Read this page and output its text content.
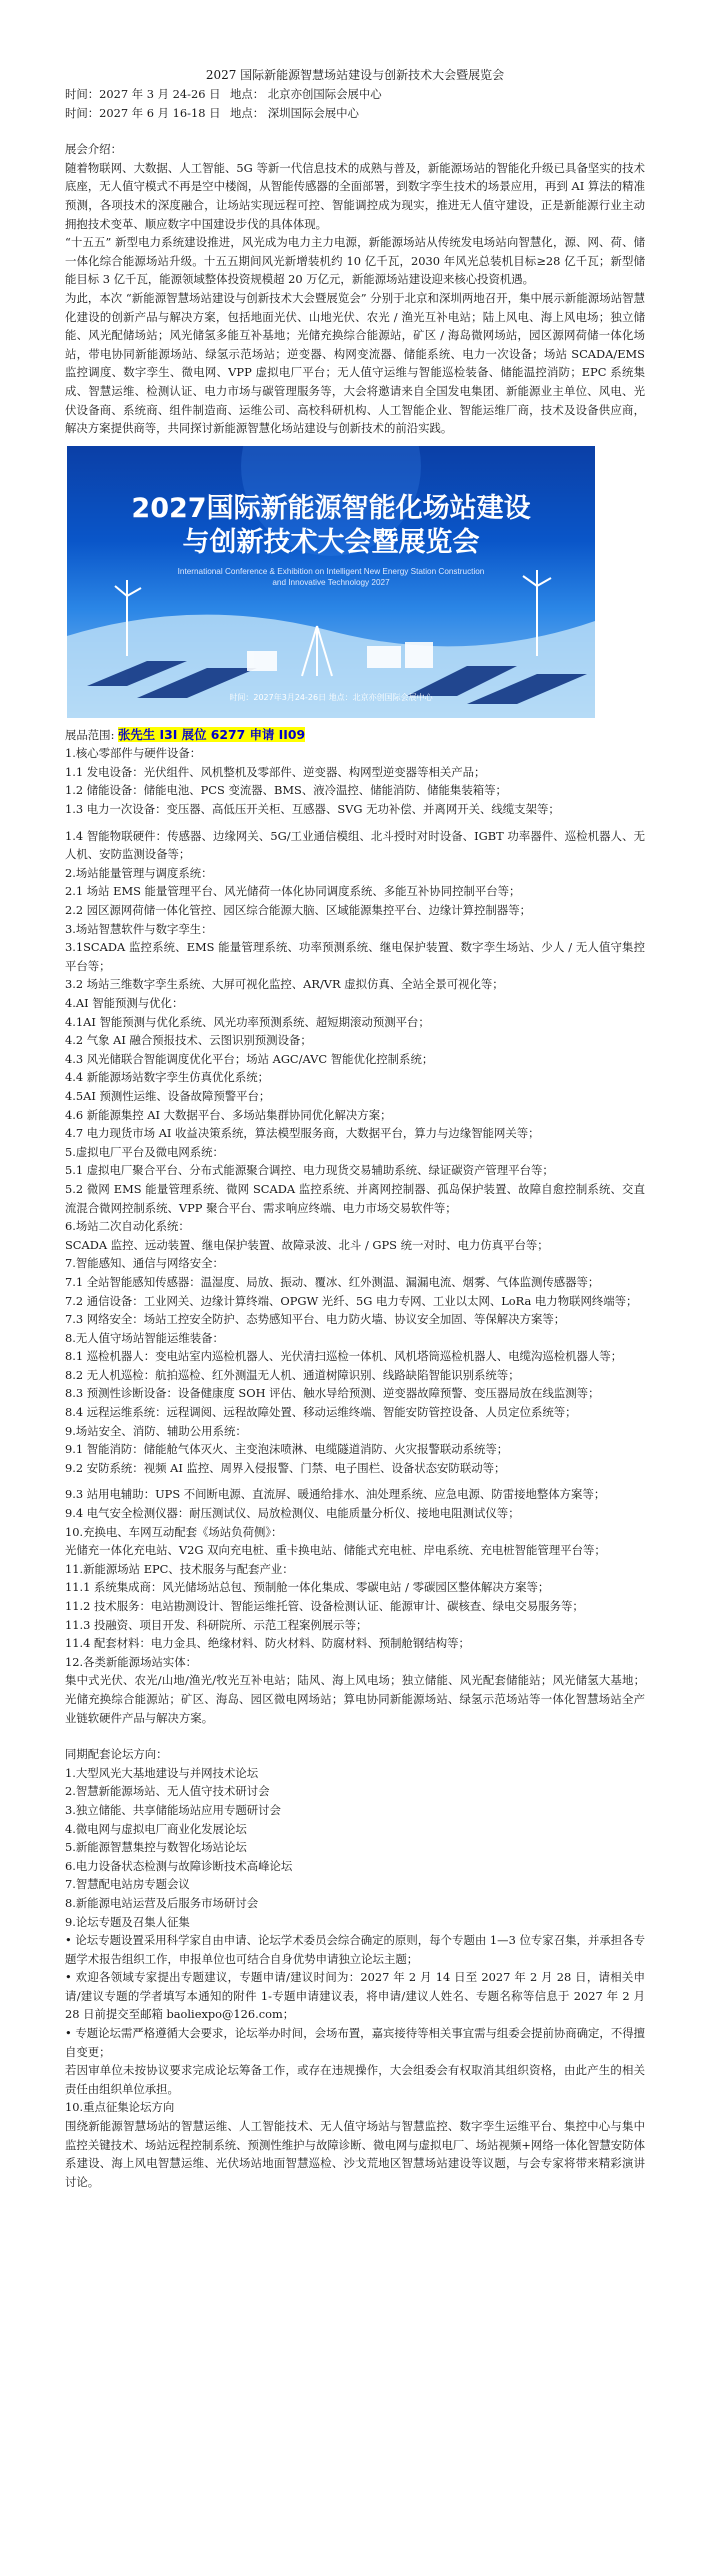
2027 国际新能源智慧场站建设与创新技术大会暨展览会
时间：2027 年 3 月 24-26 日 地点： 北京亦创国际会展中心
时间：2027 年 6 月 16-18 日 地点： 深圳国际会展中心
展会介绍：

随着物联网、大数据、人工智能、5G 等新一代信息技术的成熟与普及，新能源场站的智能化升级已具备坚实的技术底座，无人值守模式不再是空中楼阁，从智能传感器的全面部署，到数字孪生技术的场景应用，再到 AI 算法的精准预测，各项技术的深度融合，让场站实现远程可控、智能调控成为现实，推进无人值守建设，正是新能源行业主动拥抱技术变革、顺应数字中国建设步伐的具体体现。

“十五五” 新型电力系统建设推进，风光成为电力主力电源，新能源场站从传统发电场站向智慧化，源、网、荷、储一体化综合能源场站升级。十五五期间风光新增装机约 10 亿千瓦，2030 年风光总装机目标≥28 亿千瓦；新型储能目标 3 亿千瓦，能源领域整体投资规模超 20 万亿元，新能源场站建设迎来核心投资机遇。

为此，本次 “新能源智慧场站建设与创新技术大会暨展览会” 分别于北京和深圳两地召开，集中展示新能源场站智慧化建设的创新产品与解决方案，包括地面光伏、山地光伏、农光 / 渔光互补电站；陆上风电、海上风电场；独立储能、风光配储场站；风光储氢多能互补基地；光储充换综合能源站，矿区 / 海岛微网场站，园区源网荷储一体化场站，带电协同新能源场站、绿氢示范场站；逆变器、构网变流器、储能系统、电力一次设备；场站 SCADA/EMS 监控调度、数字孪生、微电网、VPP 虚拟电厂平台；无人值守运维与智能巡检装备、储能温控消防；EPC 系统集成、智慧运维、检测认证、电力市场与碳管理服务等，大会将邀请来自全国发电集团、新能源业主单位、风电、光伏设备商、系统商、组件制造商、运维公司、高校科研机构、人工智能企业、智能运维厂商，技术及设备供应商，解决方案提供商等，共同探讨新能源智慧化场站建设与创新技术的前沿实践。

2027国际新能源智能化场站建设
与创新技术大会暨展览会
International Conference & Exhibition on Intelligent New Energy Station Construction
and Innovative Technology 2027
时间：2027年3月24-26日 地点：北京亦创国际会展中心
展品范围: 张先生 I3I 展位 6277 申请 II09

1.核心零部件与硬件设备：

1.1 发电设备：光伏组件、风机整机及零部件、逆变器、构网型逆变器等相关产品；

1.2 储能设备：储能电池、PCS 变流器、BMS、液冷温控、储能消防、储能集装箱等；

1.3 电力一次设备：变压器、高低压开关柜、互感器、SVG 无功补偿、并离网开关、线缆支架等；

1.4 智能物联硬件：传感器、边缘网关、5G/工业通信模组、北斗授时对时设备、IGBT 功率器件、巡检机器人、无人机、安防监测设备等；

2.场站能量管理与调度系统：

2.1 场站 EMS 能量管理平台、风光储荷一体化协同调度系统、多能互补协同控制平台等；

2.2 园区源网荷储一体化管控、园区综合能源大脑、区域能源集控平台、边缘计算控制器等；

3.场站智慧软件与数字孪生：

3.1SCADA 监控系统、EMS 能量管理系统、功率预测系统、继电保护装置、数字孪生场站、少人 / 无人值守集控平台等；

3.2 场站三维数字孪生系统、大屏可视化监控、AR/VR 虚拟仿真、全站全景可视化等；

4.AI 智能预测与优化：

4.1AI 智能预测与优化系统、风光功率预测系统、超短期滚动预测平台；

4.2 气象 AI 融合预报技术、云图识别预测设备；

4.3 风光储联合智能调度优化平台；场站 AGC/AVC 智能优化控制系统；

4.4 新能源场站数字孪生仿真优化系统；

4.5AI 预测性运维、设备故障预警平台；

4.6 新能源集控 AI 大数据平台、多场站集群协同优化解决方案；

4.7 电力现货市场 AI 收益决策系统，算法模型服务商，大数据平台，算力与边缘智能网关等；

5.虚拟电厂平台及微电网系统：

5.1 虚拟电厂聚合平台、分布式能源聚合调控、电力现货交易辅助系统、绿证碳资产管理平台等；

5.2 微网 EMS 能量管理系统、微网 SCADA 监控系统、并离网控制器、孤岛保护装置、故障自愈控制系统、交直流混合微网控制系统、VPP 聚合平台、需求响应终端、电力市场交易软件等；

6.场站二次自动化系统：

SCADA 监控、远动装置、继电保护装置、故障录波、北斗 / GPS 统一对时、电力仿真平台等；

7.智能感知、通信与网络安全：

7.1 全站智能感知传感器：温湿度、局放、振动、覆冰、红外测温、漏漏电流、烟雾、气体监测传感器等；

7.2 通信设备：工业网关、边缘计算终端、OPGW 光纤、5G 电力专网、工业以太网、LoRa 电力物联网终端等；

7.3 网络安全：场站工控安全防护、态势感知平台、电力防火墙、协议安全加固、等保解决方案等；

8.无人值守场站智能运维装备：

8.1 巡检机器人：变电站室内巡检机器人、光伏清扫巡检一体机、风机塔筒巡检机器人、电缆沟巡检机器人等；

8.2 无人机巡检：航拍巡检、红外测温无人机、通道树障识别、线路缺陷智能识别系统等；

8.3 预测性诊断设备：设备健康度 SOH 评估、触水导给预测、逆变器故障预警、变压器局放在线监测等；

8.4 远程运维系统：远程调阅、远程故障处置、移动运维终端、智能安防管控设备、人员定位系统等；

9.场站安全、消防、辅助公用系统：

9.1 智能消防：储能舱气体灭火、主变泡沫喷淋、电缆隧道消防、火灾报警联动系统等；

9.2 安防系统：视频 AI 监控、周界入侵报警、门禁、电子围栏、设备状态安防联动等；

9.3 站用电辅助：UPS 不间断电源、直流屏、暖通给排水、油处理系统、应急电源、防雷接地整体方案等；

9.4 电气安全检测仪器：耐压测试仪、局放检测仪、电能质量分析仪、接地电阻测试仪等；

10.充换电、车网互动配套《场站负荷侧》：

光储充一体化充电站、V2G 双向充电桩、重卡换电站、储能式充电桩、岸电系统、充电桩智能管理平台等；

11.新能源场站 EPC、技术服务与配套产业：

11.1 系统集成商：风光储场站总包、预制舱一体化集成、零碳电站 / 零碳园区整体解决方案等；

11.2 技术服务：电站勘测设计、智能运维托管、设备检测认证、能源审计、碳核查、绿电交易服务等；

11.3 投融资、项目开发、科研院所、示范工程案例展示等；

11.4 配套材料：电力金具、绝缘材料、防火材料、防腐材料、预制舱钢结构等；

12.各类新能源场站实体：

集中式光伏、农光/山地/渔光/牧光互补电站；陆风、海上风电场；独立储能、风光配套储能站；风光储氢大基地；光储充换综合能源站；矿区、海岛、园区微电网场站；算电协同新能源场站、绿氢示范场站等一体化智慧场站全产业链软硬件产品与解决方案。

同期配套论坛方向：

1.大型风光大基地建设与并网技术论坛

2.智慧新能源场站、无人值守技术研讨会

3.独立储能、共享储能场站应用专题研讨会

4.微电网与虚拟电厂商业化发展论坛

5.新能源智慧集控与数智化场站论坛

6.电力设备状态检测与故障诊断技术高峰论坛

7.智慧配电站房专题会议

8.新能源电站运营及后服务市场研讨会

9.论坛专题及召集人征集

• 论坛专题设置采用科学家自由申请、论坛学术委员会综合确定的原则，每个专题由 1—3 位专家召集，并承担各专题学术报告组织工作，申报单位也可结合自身优势申请独立论坛主题；

• 欢迎各领域专家提出专题建议，专题申请/建议时间为：2027 年 2 月 14 日至 2027 年 2 月 28 日，请相关申请/建议专题的学者填写本通知的附件 1-专题申请建议表，将申请/建议人姓名、专题名称等信息于 2027 年 2 月 28 日前提交至邮箱 baoliexpo@126.com；

• 专题论坛需严格遵循大会要求，论坛举办时间，会场布置，嘉宾接待等相关事宜需与组委会提前协商确定，不得擅自变更；

若因审单位未按协议要求完成论坛筹备工作，或存在违规操作，大会组委会有权取消其组织资格，由此产生的相关责任由组织单位承担。

10.重点征集论坛方向

围绕新能源智慧场站的智慧运维、人工智能技术、无人值守场站与智慧监控、数字孪生运维平台、集控中心与集中监控关键技术、场站远程控制系统、预测性维护与故障诊断、微电网与虚拟电厂、场站视频+网络一体化智慧安防体系建设、海上风电智慧运维、光伏场站地面智慧巡检、沙戈荒地区智慧场站建设等议题，与会专家将带来精彩演讲讨论。
